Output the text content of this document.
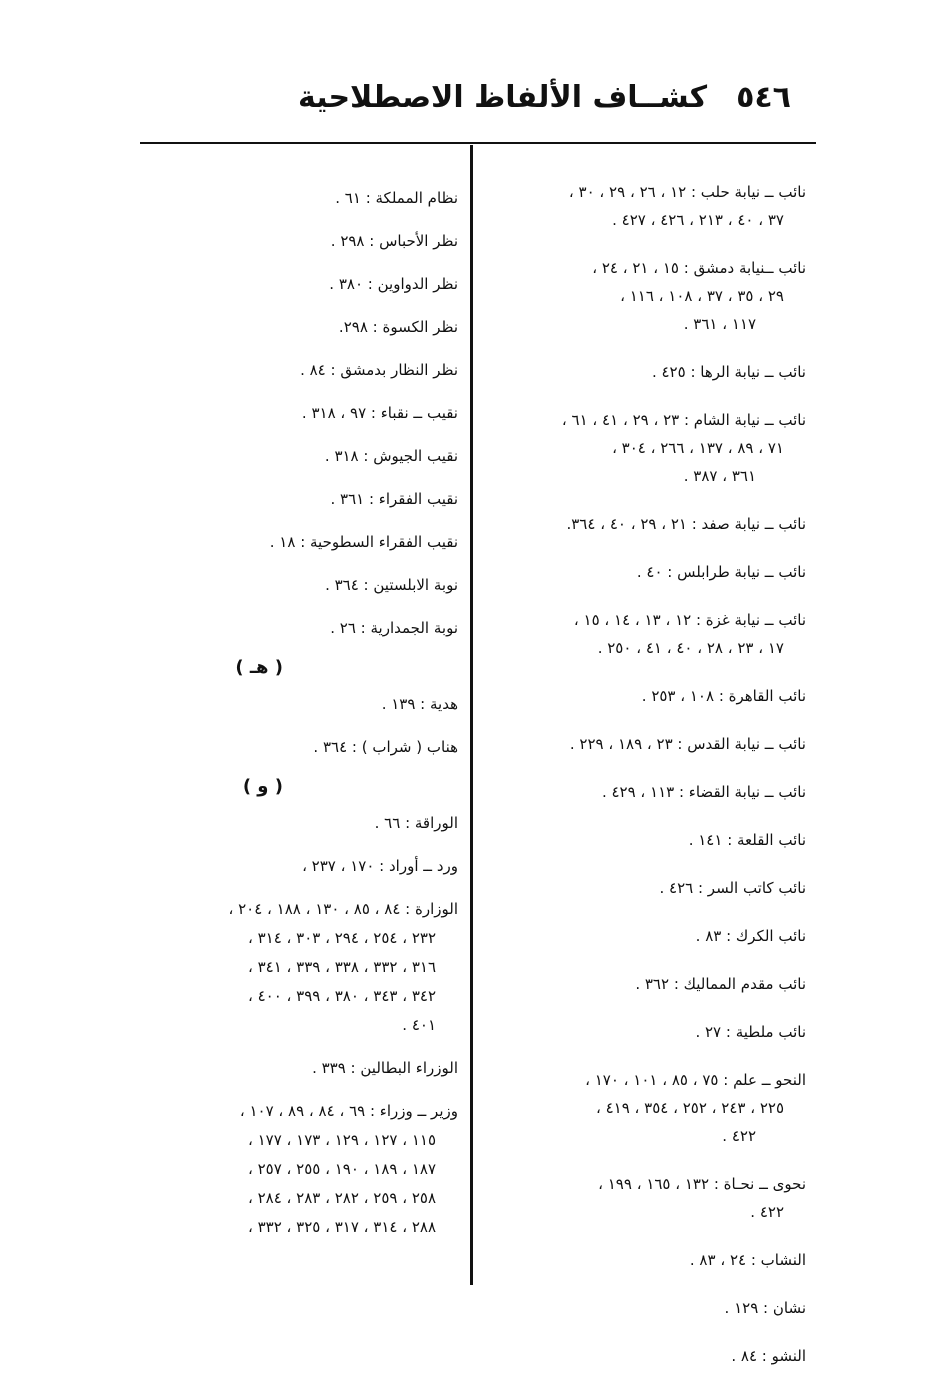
٥٤٦
كشــاف الألفاظ الاصطلاحية
نائب ــ نيابة حلب : ١٢ ، ٢٦ ، ٢٩ ، ٣٠ ،
٣٧ ، ٤٠ ، ٢١٣ ، ٤٢٦ ، ٤٢٧ .
نائب ــنيابة دمشق : ١٥ ، ٢١ ، ٢٤ ،
٢٩ ، ٣٥ ، ٣٧ ، ١٠٨ ، ١١٦ ،
١١٧ ، ٣٦١ .
نائب ــ نيابة الرها : ٤٢٥ .
نائب ــ نيابة الشام : ٢٣ ، ٢٩ ، ٤١ ، ٦١ ،
٧١ ، ٨٩ ، ١٣٧ ، ٢٦٦ ، ٣٠٤ ،
٣٦١ ، ٣٨٧ .
نائب ــ نيابة صفد : ٢١ ، ٢٩ ، ٤٠ ، ٣٦٤.
نائب ــ نيابة طرابلس : ٤٠ .
نائب ــ نيابة غزة : ١٢ ، ١٣ ، ١٤ ، ١٥ ،
١٧ ، ٢٣ ، ٢٨ ، ٤٠ ، ٤١ ، ٢٥٠ .
نائب القاهرة : ١٠٨ ، ٢٥٣ .
نائب ــ نيابة القدس : ٢٣ ، ١٨٩ ، ٢٢٩ .
نائب ــ نيابة القضاء : ١١٣ ، ٤٢٩ .
نائب القلعة : ١٤١ .
نائب كاتب السر : ٤٢٦ .
نائب الكرك : ٨٣ .
نائب مقدم المماليك : ٣٦٢ .
نائب ملطية : ٢٧ .
النحو ــ علم : ٧٥ ، ٨٥ ، ١٠١ ، ١٧٠ ،
٢٢٥ ، ٢٤٣ ، ٢٥٢ ، ٣٥٤ ، ٤١٩ ،
٤٢٢ .
نحوى ــ نحـاة : ١٣٢ ، ١٦٥ ، ١٩٩ ،
٤٢٢ .
النشاب : ٢٤ ، ٨٣ .
نشان : ١٢٩ .
النشو : ٨٤ .
نظام المملكة : ٦١ .
نظر الأحباس : ٢٩٨ .
نظر الدواوين : ٣٨٠ .
نظر الكسوة : ٢٩٨.
نظر النظار بدمشق : ٨٤ .
نقيب ــ نقباء : ٩٧ ، ٣١٨ .
نقيب الجيوش : ٣١٨ .
نقيب الفقراء : ٣٦١ .
نقيب الفقراء السطوحية : ١٨ .
نوبة الابلستين : ٣٦٤ .
نوبة الجمدارية : ٢٦ .
( هـ )
هدية : ١٣٩ .
هناب ( شراب ) : ٣٦٤ .
( و )
الوراقة : ٦٦ .
ورد ــ أوراد : ١٧٠ ، ٢٣٧ ،
الوزارة : ٨٤ ، ٨٥ ، ١٣٠ ، ١٨٨ ، ٢٠٤ ،
٢٣٢ ، ٢٥٤ ، ٢٩٤ ، ٣٠٣ ، ٣١٤ ،
٣١٦ ، ٣٣٢ ، ٣٣٨ ، ٣٣٩ ، ٣٤١ ،
٣٤٢ ، ٣٤٣ ، ٣٨٠ ، ٣٩٩ ، ٤٠٠ ،
٤٠١ .
الوزراء البطالين : ٣٣٩ .
وزير ــ وزراء : ٦٩ ، ٨٤ ، ٨٩ ، ١٠٧ ،
١١٥ ، ١٢٧ ، ١٢٩ ، ١٧٣ ، ١٧٧ ،
١٨٧ ، ١٨٩ ، ١٩٠ ، ٢٥٥ ، ٢٥٧ ،
٢٥٨ ، ٢٥٩ ، ٢٨٢ ، ٢٨٣ ، ٢٨٤ ،
٢٨٨ ، ٣١٤ ، ٣١٧ ، ٣٢٥ ، ٣٣٢ ،
